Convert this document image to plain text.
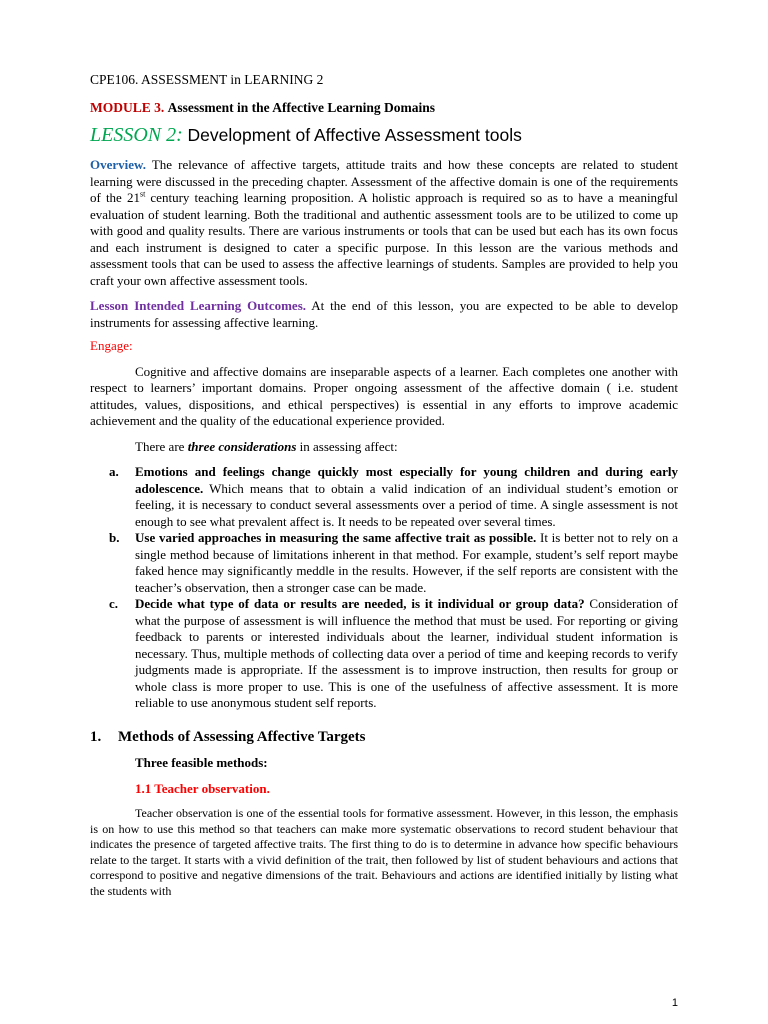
CPE106. ASSESSMENT in LEARNING 2
MODULE 3. Assessment in the Affective Learning Domains
LESSON 2: Development of Affective Assessment tools

Overview. The relevance of affective targets, attitude traits and how these concepts are related to student learning were discussed in the preceding chapter. Assessment of the affective domain is one of the requirements of the 21st century teaching learning proposition. A holistic approach is required so as to have a meaningful evaluation of student learning. Both the traditional and authentic assessment tools are to be utilized to come up with good and quality results. There are various instruments or tools that can be used but each has its own focus and each instrument is designed to cater a specific purpose. In this lesson are the various methods and assessment tools that can be used to assess the affective learnings of students. Samples are provided to help you craft your own affective assessment tools.

Lesson Intended Learning Outcomes. At the end of this lesson, you are expected to be able to develop instruments for assessing affective learning.

Engage:

Cognitive and affective domains are inseparable aspects of a learner. Each completes one another with respect to learners’ important domains. Proper ongoing assessment of the affective domain ( i.e. student attitudes, values, dispositions, and ethical perspectives) is essential in any efforts to improve academic achievement and the quality of the educational experience provided.

There are three considerations in assessing affect:

a. Emotions and feelings change quickly most especially for young children and during early adolescence. Which means that to obtain a valid indication of an individual student’s emotion or feeling, it is necessary to conduct several assessments over a period of time. A single assessment is not enough to see what prevalent affect is. It needs to be repeated over several times.
b. Use varied approaches in measuring the same affective trait as possible. It is better not to rely on a single method because of limitations inherent in that method. For example, student’s self report maybe faked hence may significantly meddle in the results. However, if the self reports are consistent with the teacher’s observation, then a stronger case can be made.
c. Decide what type of data or results are needed, is it individual or group data? Consideration of what the purpose of assessment is will influence the method that must be used. For reporting or giving feedback to parents or interested individuals about the learner, individual student information is necessary. Thus, multiple methods of collecting data over a period of time and keeping records to verify judgments made is appropriate. If the assessment is to improve instruction, then results for group or whole class is more proper to use. This is one of the usefulness of affective assessment. It is more reliable to use anonymous student self reports.
1. Methods of Assessing Affective Targets
Three feasible methods:
1.1 Teacher observation.

Teacher observation is one of the essential tools for formative assessment. However, in this lesson, the emphasis is on how to use this method so that teachers can make more systematic observations to record student behaviour that indicates the presence of targeted affective traits. The first thing to do is to determine in advance how specific behaviours relate to the target. It starts with a vivid definition of the trait, then followed by list of student behaviours and actions that correspond to positive and negative dimensions of the trait. Behaviours and actions are identified initially by listing what the students with

1
